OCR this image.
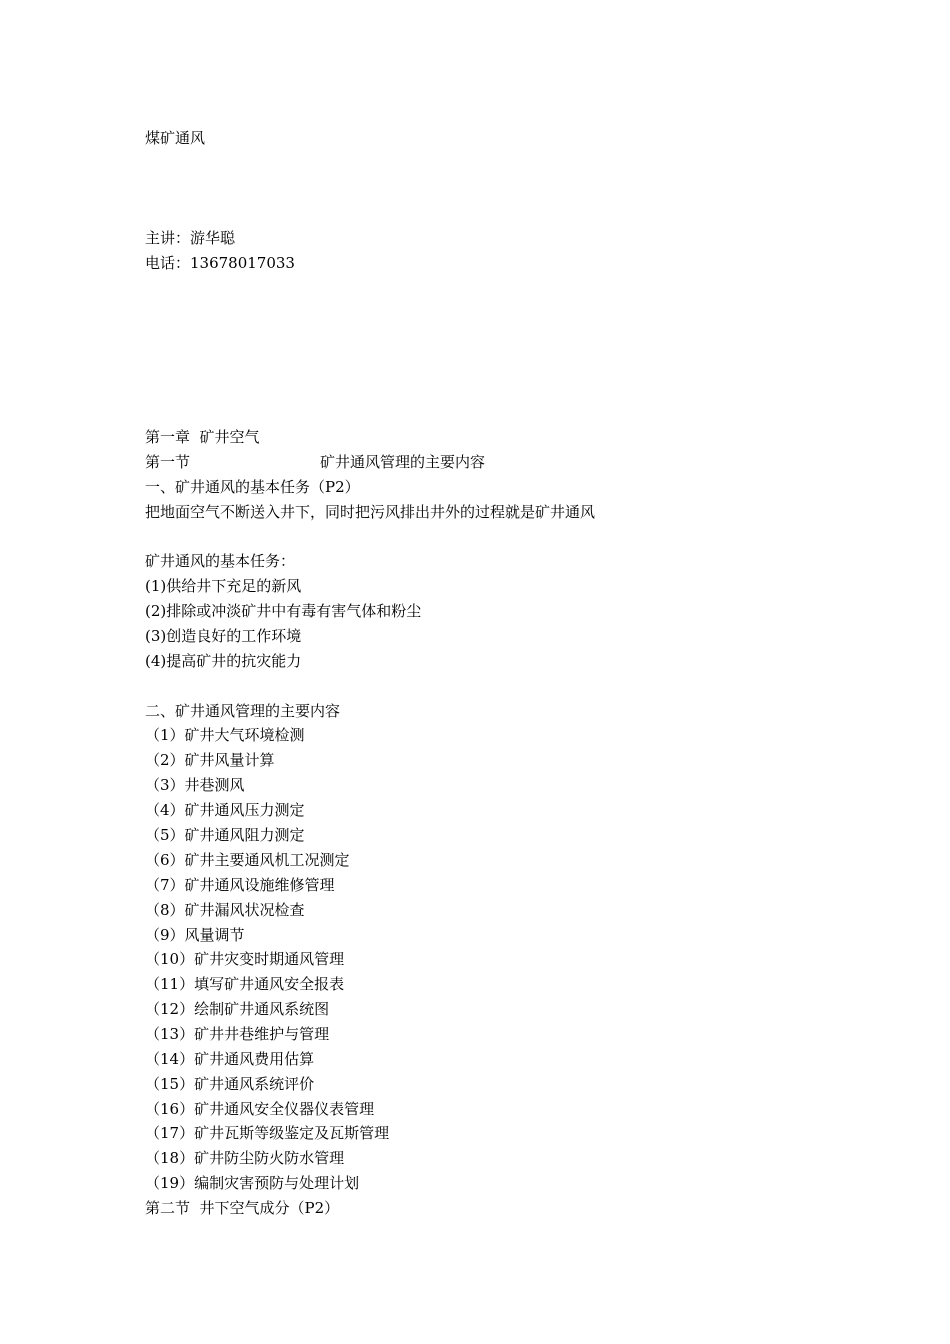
煤矿通风
主讲：游华聪
电话：13678017033
第一章  矿井空气
第一节	矿井通风管理的主要内容
一、矿井通风的基本任务（P2）
把地面空气不断送入井下，同时把污风排出井外的过程就是矿井通风
矿井通风的基本任务：
(1)供给井下充足的新风
(2)排除或冲淡矿井中有毒有害气体和粉尘
(3)创造良好的工作环境
(4)提高矿井的抗灾能力
二、矿井通风管理的主要内容
（1）矿井大气环境检测
（2）矿井风量计算
（3）井巷测风
（4）矿井通风压力测定
（5）矿井通风阻力测定
（6）矿井主要通风机工况测定
（7）矿井通风设施维修管理
（8）矿井漏风状况检查
（9）风量调节
（10）矿井灾变时期通风管理
（11）填写矿井通风安全报表
（12）绘制矿井通风系统图
（13）矿井井巷维护与管理
（14）矿井通风费用估算
（15）矿井通风系统评价
（16）矿井通风安全仪器仪表管理
（17）矿井瓦斯等级鉴定及瓦斯管理
（18）矿井防尘防火防水管理
（19）编制灾害预防与处理计划
第二节  井下空气成分（P2）
